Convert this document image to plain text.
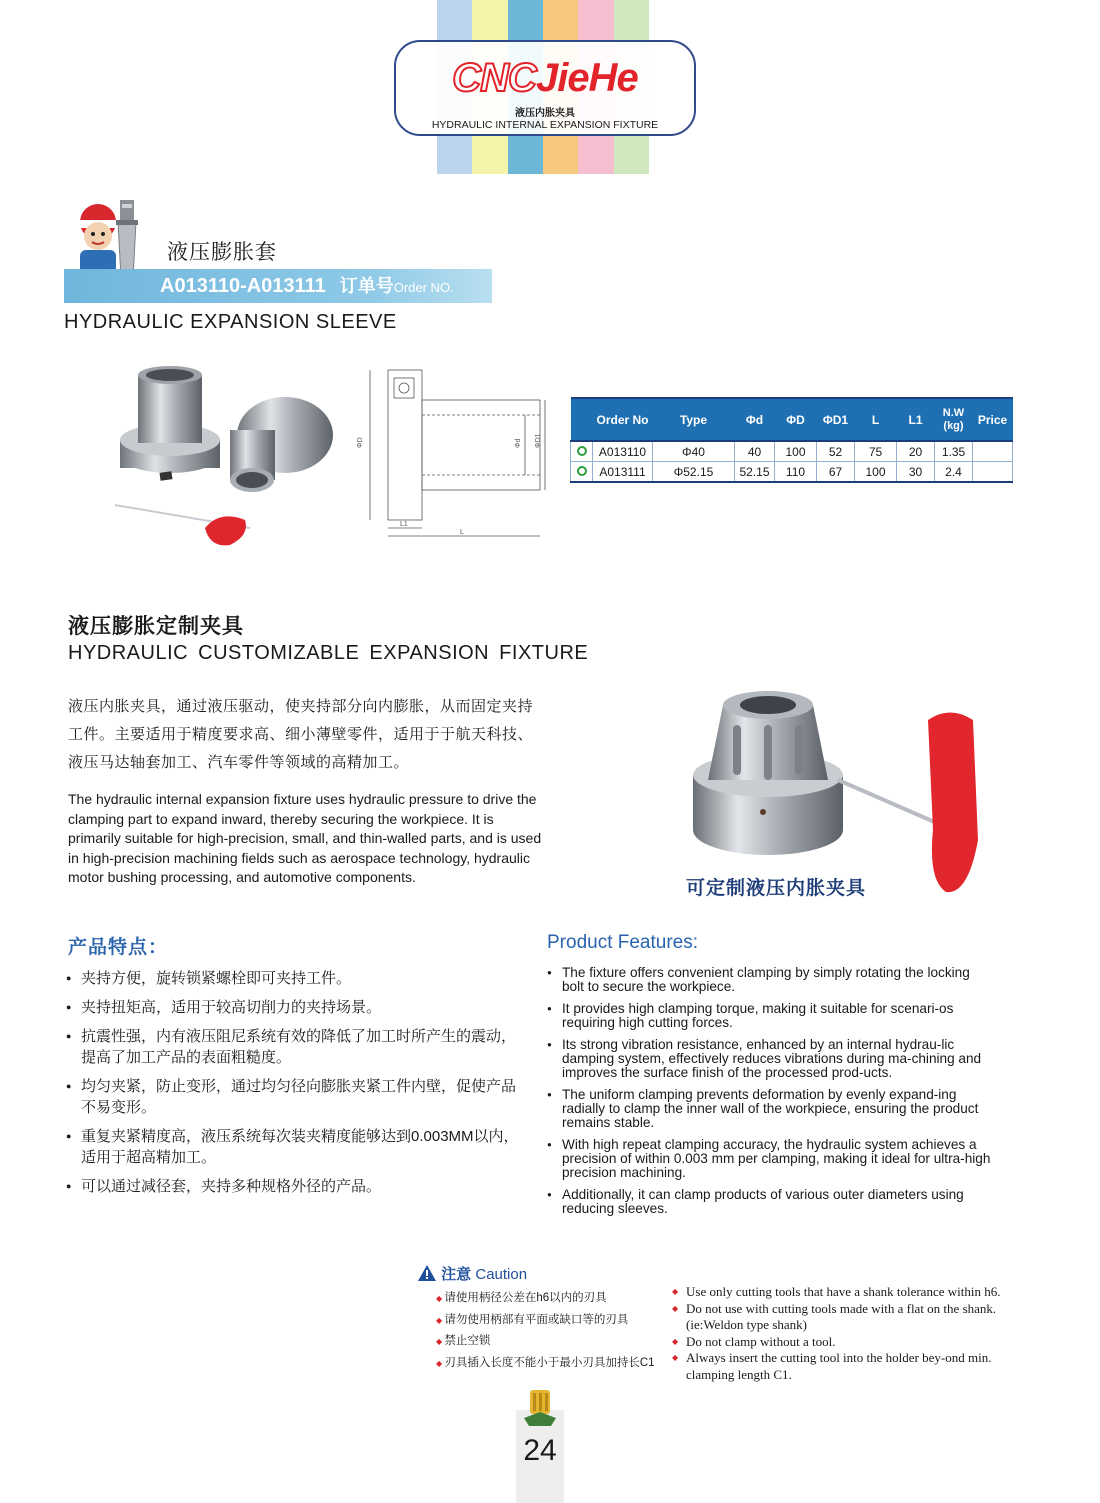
CNCJieHe
液压内胀夹具
HYDRAULIC INTERNAL EXPANSION FIXTURE
液压膨胀套
A013110-A013111 订单号Order NO.
HYDRAULIC EXPANSION SLEEVE
ΦD	Φd ΦD1
L1
L
	Order No	Type	Φd	ΦD	ΦD1	L	L1	N.W (kg)	Price
	A013110	Φ40	40	100	52	75	20	1.35	
	A013111	Φ52.15	52.15	110	67	100	30	2.4	
液压膨胀定制夹具
HYDRAULIC CUSTOMIZABLE EXPANSION FIXTURE
液压内胀夹具，通过液压驱动，使夹持部分向内膨胀，从而固定夹持工件。主要适用于精度要求高、细小薄壁零件，适用于于航天科技、液压马达轴套加工、汽车零件等领域的高精加工。
The hydraulic internal expansion fixture uses hydraulic pressure to drive the clamping part to expand inward, thereby securing the workpiece. It is primarily suitable for high-precision, small, and thin-walled parts, and is used in high-precision machining fields such as aerospace technology, hydraulic motor bushing processing, and automotive components.
可定制液压内胀夹具
产品特点：	Product Features:
● 夹持方便，旋转锁紧螺栓即可夹持工件。
● 夹持扭矩高，适用于较高切削力的夹持场景。
● 抗震性强，内有液压阻尼系统有效的降低了加工时所产生的震动，提高了加工产品的表面粗糙度。
● 均匀夹紧，防止变形，通过均匀径向膨胀夹紧工件内壁，促使产品不易变形。
● 重复夹紧精度高，液压系统每次装夹精度能够达到0.003MM以内，适用于超高精加工。
● 可以通过减径套，夹持多种规格外径的产品。
● The fixture offers convenient clamping by simply rotating the locking bolt to secure the workpiece.
● It provides high clamping torque, making it suitable for scenari-os requiring high cutting forces.
● Its strong vibration resistance, enhanced by an internal hydrau-lic damping system, effectively reduces vibrations during ma-chining and improves the surface finish of the processed prod-ucts.
● The uniform clamping prevents deformation by evenly expand-ing radially to clamp the inner wall of the workpiece, ensuring the product remains stable.
● With high repeat clamping accuracy, the hydraulic system achieves a precision of within 0.003 mm per clamping, making it ideal for ultra-high precision machining.
● Additionally, it can clamp products of various outer diameters using reducing sleeves.
注意 Caution
◆ 请使用柄径公差在h6以内的刃具
◆ 请勿使用柄部有平面或缺口等的刃具
◆ 禁止空锁
◆ 刃具插入长度不能小于最小刃具加持长C1
◆ Use only cutting tools that have a shank tolerance within h6.
◆ Do not use with cutting tools made with a flat on the shank.(ie:Weldon type shank)
◆ Do not clamp without a tool.
◆ Always insert the cutting tool into the holder bey-ond min. clamping length C1.
24
